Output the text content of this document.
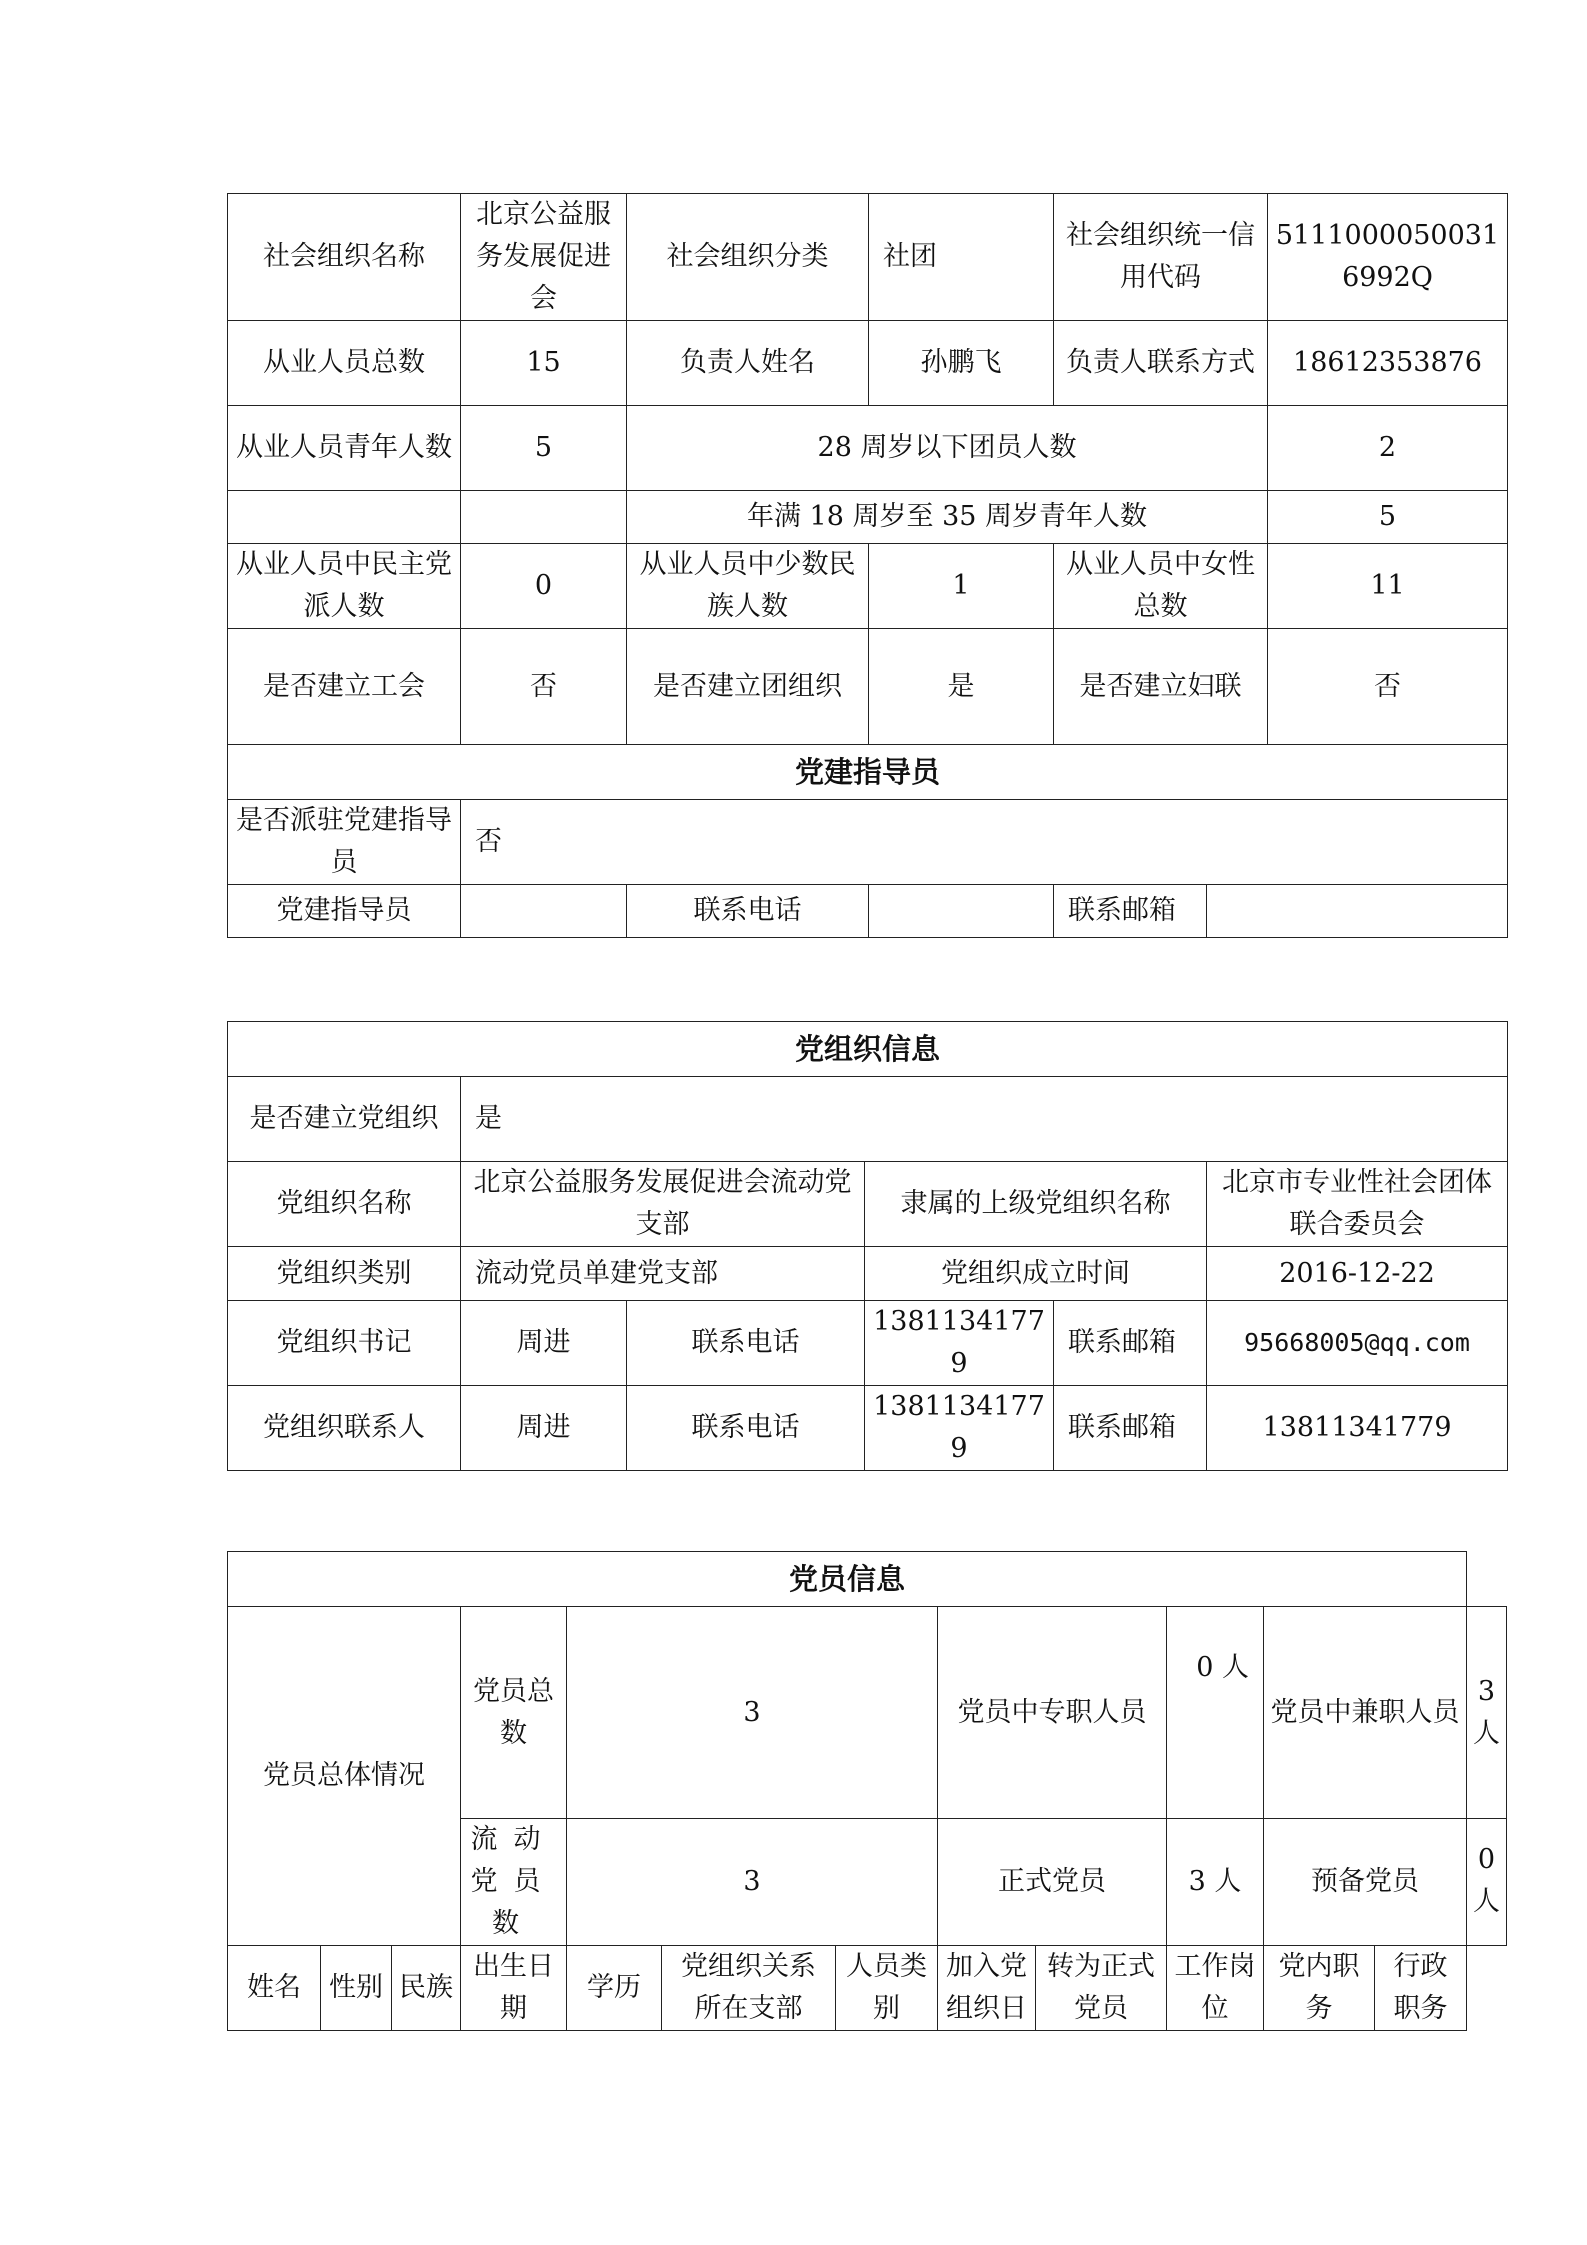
社会组织名称	北京公益服务发展促进会	社会组织分类	社团	社会组织统一信用代码		51110000500316992Q
从业人员总数	15	负责人姓名	孙鹏飞	负责人联系方式		18612353876
从业人员青年人数	5	28 周岁以下团员人数				2
		年满 18 周岁至 35 周岁青年人数				5
从业人员中民主党派人数	0	从业人员中少数民族人数	1	从业人员中女性总数		11
是否建立工会	否	是否建立团组织	是	是否建立妇联		否
党建指导员						
是否派驻党建指导员	否					
党建指导员		联系电话		联系邮箱		
党组织信息					
是否建立党组织	是				
党组织名称	北京公益服务发展促进会流动党支部		隶属的上级党组织名称		北京市专业性社会团体联合委员会
党组织类别	流动党员单建党支部		党组织成立时间		2016-12-22
党组织书记	周进	联系电话	13811341779	联系邮箱	95668005@qq.com
党组织联系人	周进	联系电话	13811341779	联系邮箱	13811341779
党员信息												
党员总体情况			党员总数	3			党员中专职人员		0 人	党员中兼职人员		3 人
			流动党员数	3			正式党员		3 人	预备党员		0 人
姓名	性别	民族	出生日期	学历	党组织关系所在支部	人员类别	加入党组织日	转为正式党员	工作岗位	党内职务	行政职务	
